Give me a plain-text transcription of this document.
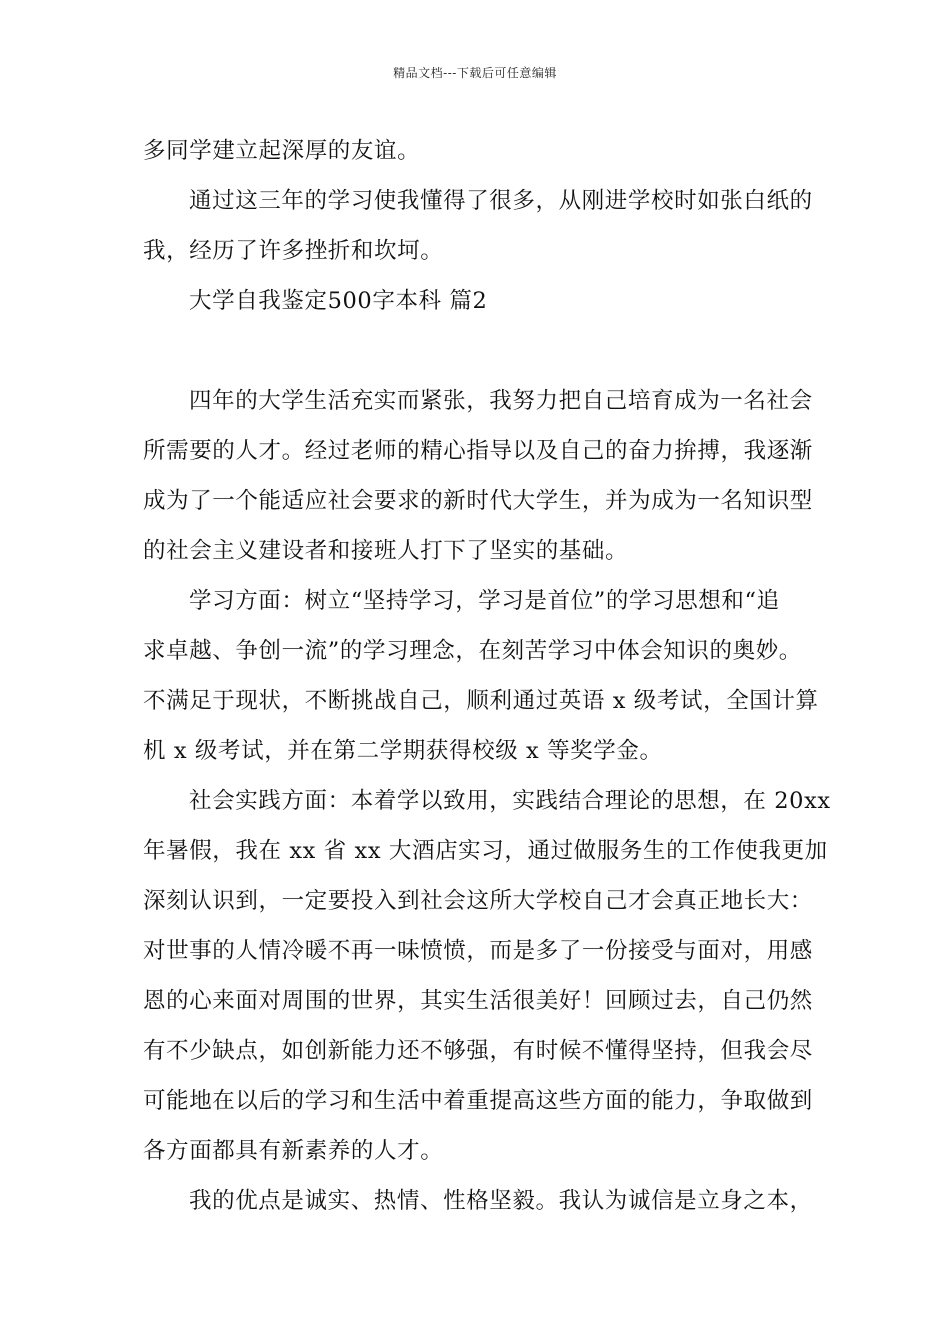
精品文档---下载后可任意编辑
多同学建立起深厚的友谊。
通过这三年的学习使我懂得了很多，从刚进学校时如张白纸的
我，经历了许多挫折和坎坷。
大学自我鉴定500字本科 篇2
四年的大学生活充实而紧张，我努力把自己培育成为一名社会
所需要的人才。经过老师的精心指导以及自己的奋力拚搏，我逐渐
成为了一个能适应社会要求的新时代大学生，并为成为一名知识型
的社会主义建设者和接班人打下了坚实的基础。
学习方面：树立“坚持学习，学习是首位”的学习思想和“追
求卓越、争创一流”的学习理念，在刻苦学习中体会知识的奥妙。
不满足于现状，不断挑战自己，顺利通过英语 x 级考试，全国计算
机 x 级考试，并在第二学期获得校级 x 等奖学金。
社会实践方面：本着学以致用，实践结合理论的思想，在 20xx
年暑假，我在 xx 省 xx 大酒店实习，通过做服务生的工作使我更加
深刻认识到，一定要投入到社会这所大学校自己才会真正地长大：
对世事的人情冷暖不再一味愤愤，而是多了一份接受与面对，用感
恩的心来面对周围的世界，其实生活很美好！回顾过去，自己仍然
有不少缺点，如创新能力还不够强，有时候不懂得坚持，但我会尽
可能地在以后的学习和生活中着重提高这些方面的能力，争取做到
各方面都具有新素养的人才。
我的优点是诚实、热情、性格坚毅。我认为诚信是立身之本，
